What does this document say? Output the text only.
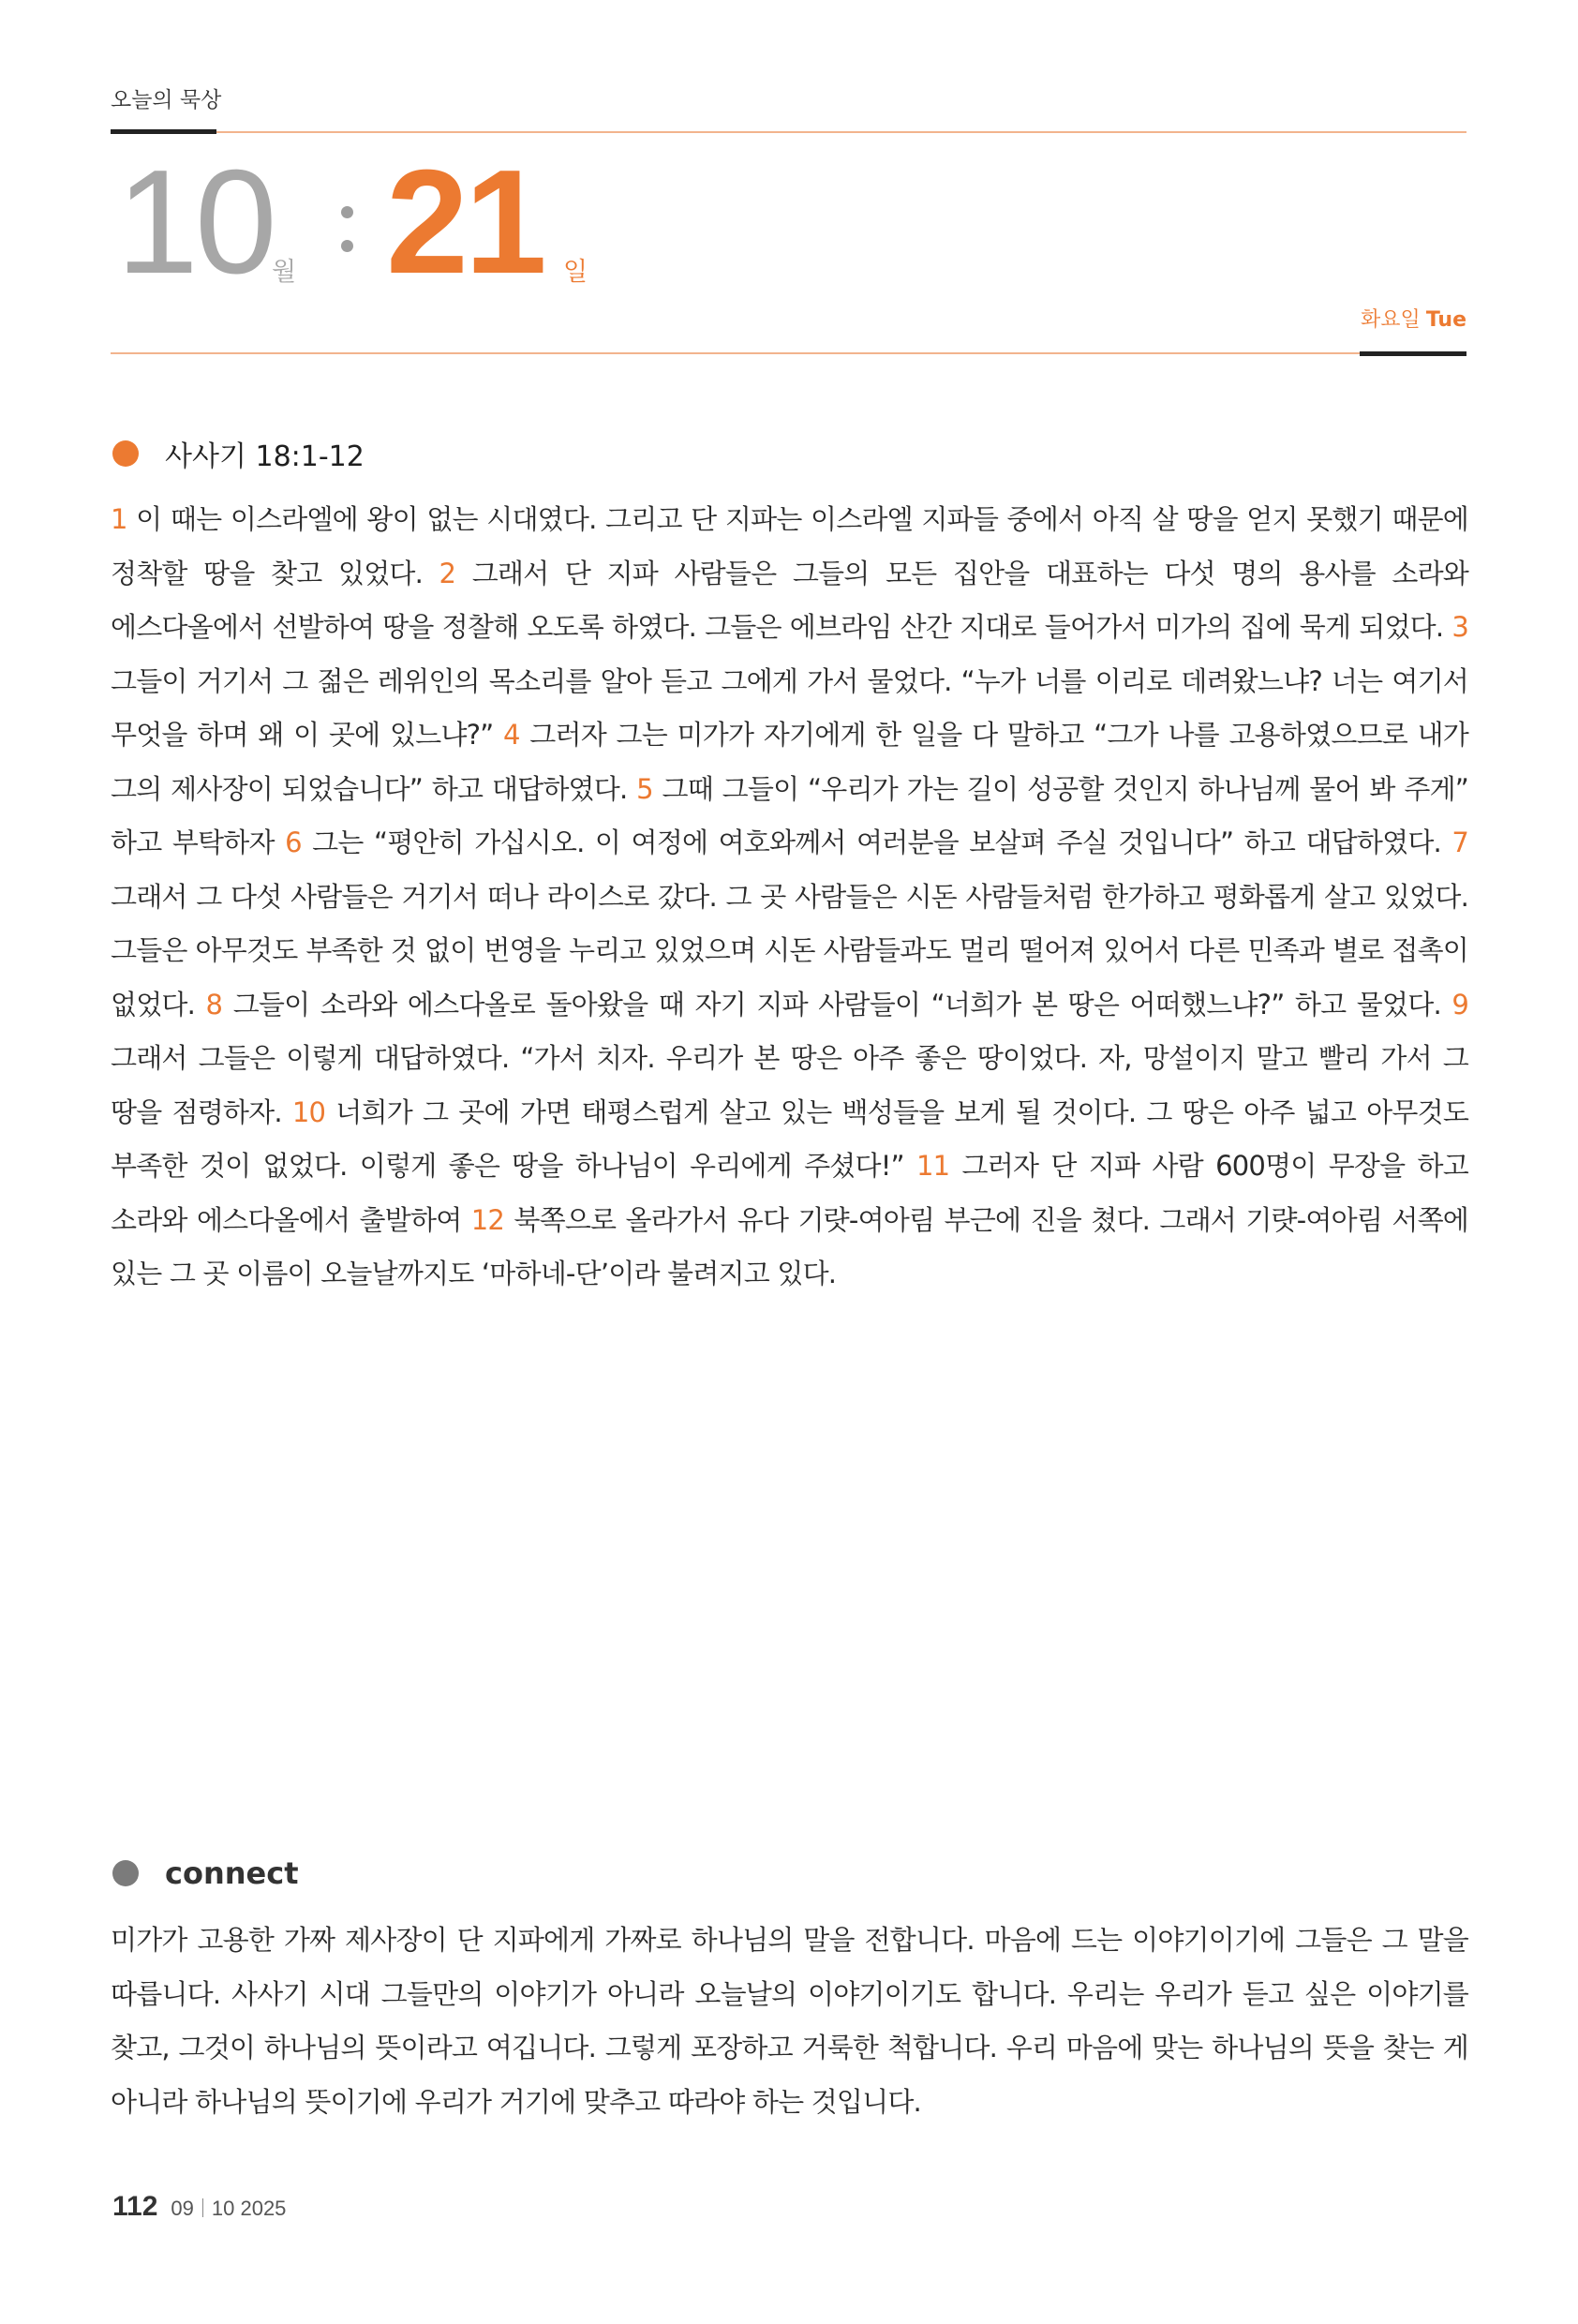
오늘의 묵상
10
월 21 일
화요일 Tue
사사기 18:1-12
1 이 때는 이스라엘에 왕이 없는 시대였다. 그리고 단 지파는 이스라엘 지파들 중에서 아직 살 땅을 얻지 못했기 때문에 정착할 땅을 찾고 있었다. 2 그래서 단 지파 사람들은 그들의 모든 집안을 대표하는 다섯 명의 용사를 소라와 에스다올에서 선발하여 땅을 정찰해 오도록 하였다. 그들은 에브라임 산간 지대로 들어가서 미가의 집에 묵게 되었다. 3 그들이 거기서 그 젊은 레위인의 목소리를 알아 듣고 그에게 가서 물었다. “누가 너를 이리로 데려왔느냐? 너는 여기서 무엇을 하며 왜 이 곳에 있느냐?” 4 그러자 그는 미가가 자기에게 한 일을 다 말하고 “그가 나를 고용하였으므로 내가 그의 제사장이 되었습니다” 하고 대답하였다. 5 그때 그들이 “우리가 가는 길이 성공할 것인지 하나님께 물어 봐 주게” 하고 부탁하자 6 그는 “평안히 가십시오. 이 여정에 여호와께서 여러분을 보살펴 주실 것입니다” 하고 대답하였다. 7 그래서 그 다섯 사람들은 거기서 떠나 라이스로 갔다. 그 곳 사람들은 시돈 사람들처럼 한가하고 평화롭게 살고 있었다. 그들은 아무것도 부족한 것 없이 번영을 누리고 있었으며 시돈 사람들과도 멀리 떨어져 있어서 다른 민족과 별로 접촉이 없었다. 8 그들이 소라와 에스다올로 돌아왔을 때 자기 지파 사람들이 “너희가 본 땅은 어떠했느냐?” 하고 물었다. 9 그래서 그들은 이렇게 대답하였다. “가서 치자. 우리가 본 땅은 아주 좋은 땅이었다. 자, 망설이지 말고 빨리 가서 그 땅을 점령하자. 10 너희가 그 곳에 가면 태평스럽게 살고 있는 백성들을 보게 될 것이다. 그 땅은 아주 넓고 아무것도 부족한 것이 없었다. 이렇게 좋은 땅을 하나님이 우리에게 주셨다!” 11 그러자 단 지파 사람 600명이 무장을 하고 소라와 에스다올에서 출발하여 12 북쪽으로 올라가서 유다 기럇-여아림 부근에 진을 쳤다. 그래서 기럇-여아림 서쪽에 있는 그 곳 이름이 오늘날까지도 ‘마하네-단’이라 불려지고 있다.
connect
미가가 고용한 가짜 제사장이 단 지파에게 가짜로 하나님의 말을 전합니다. 마음에 드는 이야기이기에 그들은 그 말을 따릅니다. 사사기 시대 그들만의 이야기가 아니라 오늘날의 이야기이기도 합니다. 우리는 우리가 듣고 싶은 이야기를 찾고, 그것이 하나님의 뜻이라고 여깁니다. 그렇게 포장하고 거룩한 척합니다. 우리 마음에 맞는 하나님의 뜻을 찾는 게 아니라 하나님의 뜻이기에 우리가 거기에 맞추고 따라야 하는 것입니다.
112 09 10 2025
